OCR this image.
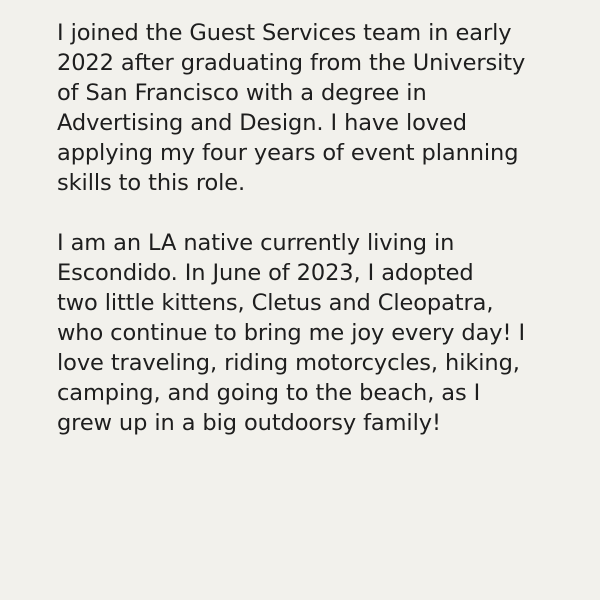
I joined the Guest Services team in early
2022 after graduating from the University
of San Francisco with a degree in
Advertising and Design. I have loved
applying my four years of event planning
skills to this role.

I am an LA native currently living in
Escondido. In June of 2023, I adopted
two little kittens, Cletus and Cleopatra,
who continue to bring me joy every day! I
love traveling, riding motorcycles, hiking,
camping, and going to the beach, as I
grew up in a big outdoorsy family!
